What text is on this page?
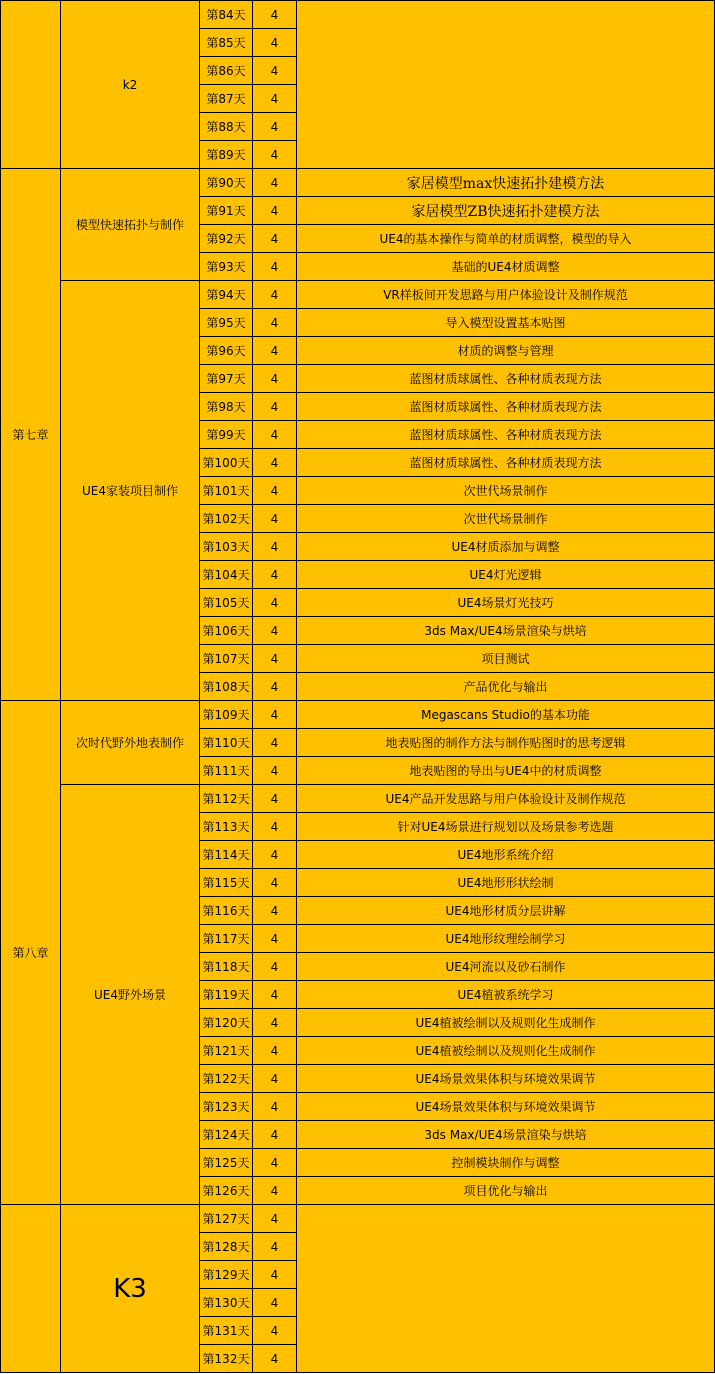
	k2	第84天	4	
		第85天	4	
		第86天	4	
		第87天	4	
		第88天	4	
		第89天	4	
第七章	模型快速拓扑与制作	第90天	4	家居模型max快速拓扑建模方法
		第91天	4	家居模型ZB快速拓扑建模方法
		第92天	4	UE4的基本操作与简单的材质调整，模型的导入
		第93天	4	基础的UE4材质调整
	UE4家装项目制作	第94天	4	VR样板间开发思路与用户体验设计及制作规范
		第95天	4	导入模型设置基本贴图
		第96天	4	材质的调整与管理
		第97天	4	蓝图材质球属性、各种材质表现方法
		第98天	4	蓝图材质球属性、各种材质表现方法
		第99天	4	蓝图材质球属性、各种材质表现方法
		第100天	4	蓝图材质球属性、各种材质表现方法
		第101天	4	次世代场景制作
		第102天	4	次世代场景制作
		第103天	4	UE4材质添加与调整
		第104天	4	UE4灯光逻辑
		第105天	4	UE4场景灯光技巧
		第106天	4	3ds Max/UE4场景渲染与烘培
		第107天	4	项目测试
		第108天	4	产品优化与输出
第八章	次时代野外地表制作	第109天	4	Megascans Studio的基本功能
		第110天	4	地表贴图的制作方法与制作贴图时的思考逻辑
		第111天	4	地表贴图的导出与UE4中的材质调整
	UE4野外场景	第112天	4	UE4产品开发思路与用户体验设计及制作规范
		第113天	4	针对UE4场景进行规划以及场景参考选题
		第114天	4	UE4地形系统介绍
		第115天	4	UE4地形形状绘制
		第116天	4	UE4地形材质分层讲解
		第117天	4	UE4地形纹理绘制学习
		第118天	4	UE4河流以及砂石制作
		第119天	4	UE4植被系统学习
		第120天	4	UE4植被绘制以及规则化生成制作
		第121天	4	UE4植被绘制以及规则化生成制作
		第122天	4	UE4场景效果体积与环境效果调节
		第123天	4	UE4场景效果体积与环境效果调节
		第124天	4	3ds Max/UE4场景渲染与烘培
		第125天	4	控制模块制作与调整
		第126天	4	项目优化与输出
	K3	第127天	4	
		第128天	4	
		第129天	4	
		第130天	4	
		第131天	4	
		第132天	4	
